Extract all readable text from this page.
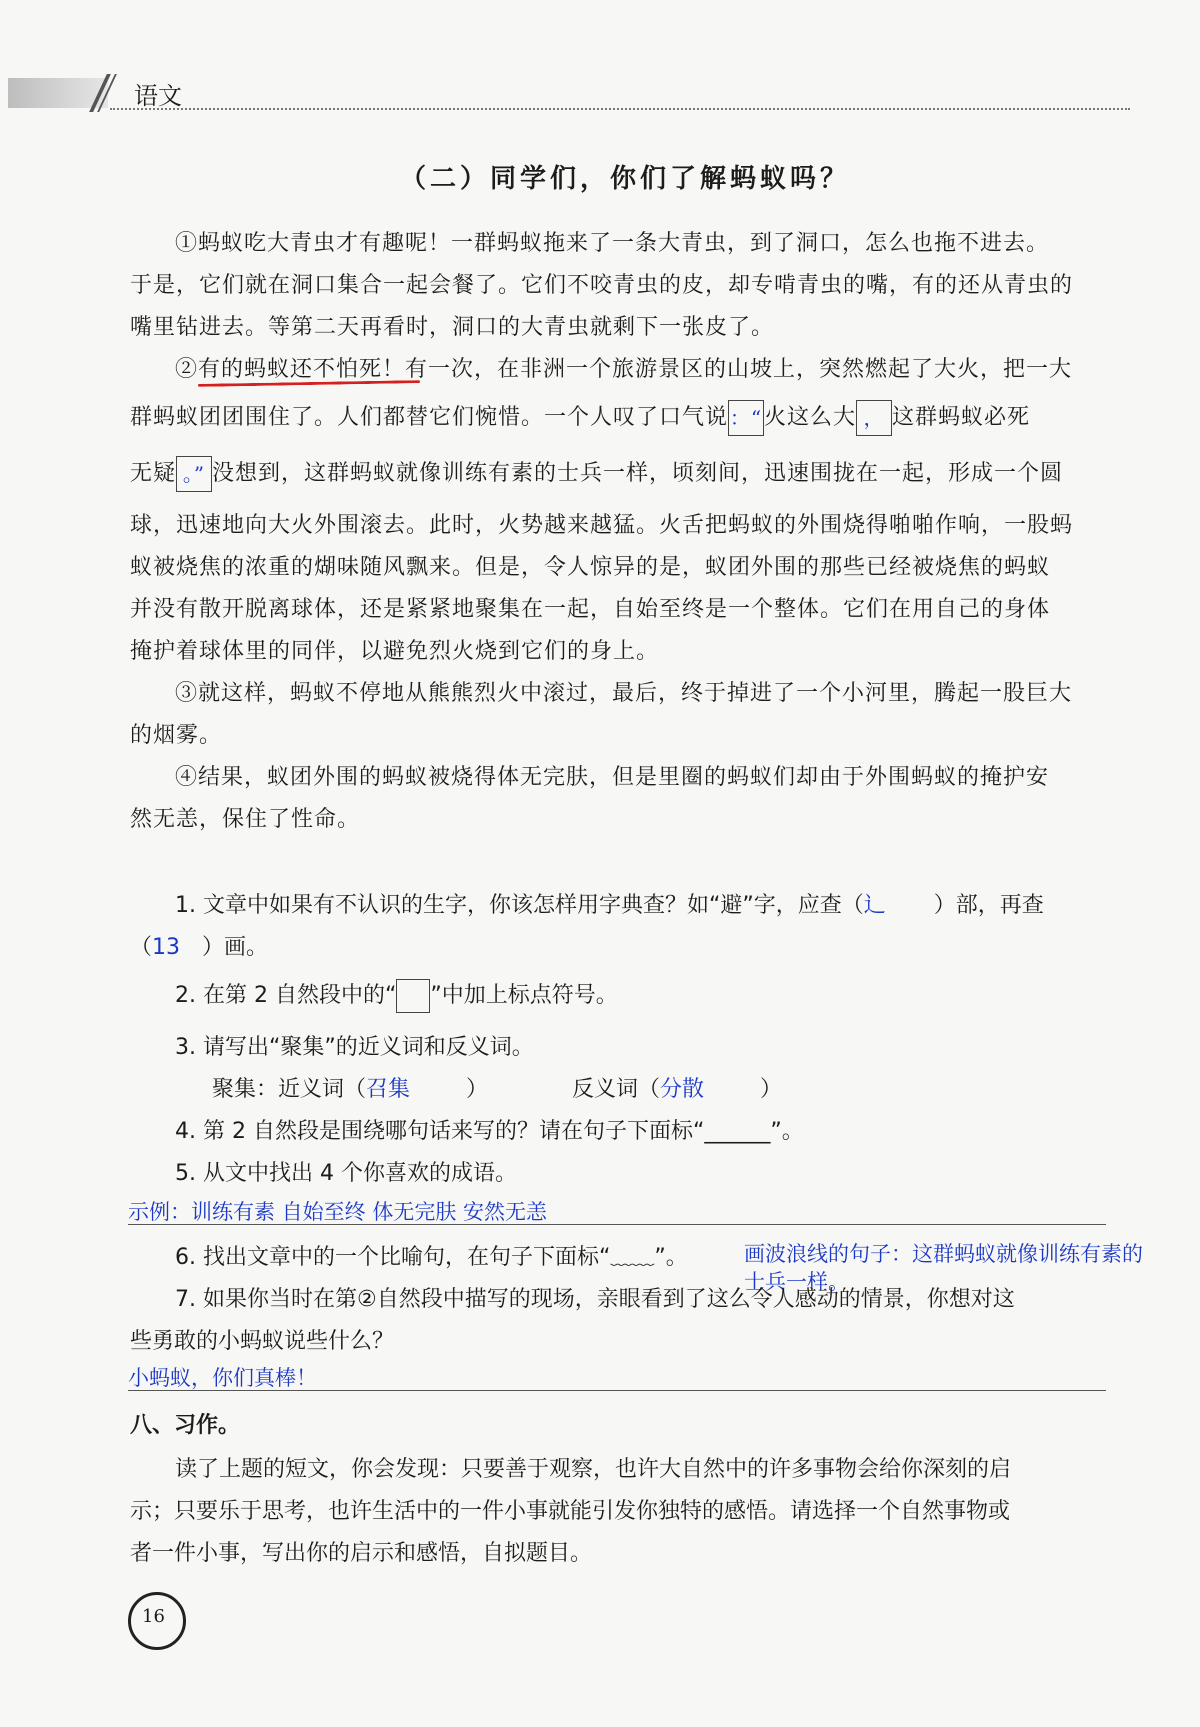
语文
（二）同学们，你们了解蚂蚁吗？
①蚂蚁吃大青虫才有趣呢！一群蚂蚁拖来了一条大青虫，到了洞口，怎么也拖不进去。
于是，它们就在洞口集合一起会餐了。它们不咬青虫的皮，却专啃青虫的嘴，有的还从青虫的
嘴里钻进去。等第二天再看时，洞口的大青虫就剩下一张皮了。
②有的蚂蚁还不怕死！有一次，在非洲一个旅游景区的山坡上，突然燃起了大火，把一大
群蚂蚁团团围住了。人们都替它们惋惜。一个人叹了口气说：“火这么大 ， 这群蚂蚁必死
无疑 。” 没想到，这群蚂蚁就像训练有素的士兵一样，顷刻间，迅速围拢在一起，形成一个圆
球，迅速地向大火外围滚去。此时，火势越来越猛。火舌把蚂蚁的外围烧得啪啪作响，一股蚂
蚁被烧焦的浓重的煳味随风飘来。但是，令人惊异的是，蚁团外围的那些已经被烧焦的蚂蚁
并没有散开脱离球体，还是紧紧地聚集在一起，自始至终是一个整体。它们在用自己的身体
掩护着球体里的同伴，以避免烈火烧到它们的身上。
③就这样，蚂蚁不停地从熊熊烈火中滚过，最后，终于掉进了一个小河里，腾起一股巨大
的烟雾。
④结果，蚁团外围的蚂蚁被烧得体无完肤，但是里圈的蚂蚁们却由于外围蚂蚁的掩护安
然无恙，保住了性命。
1. 文章中如果有不认识的生字，你该怎样用字典查？如“避”字，应查（辶 ）部，再查
（13 ）画。
2. 在第 2 自然段中的“ ”中加上标点符号。
3. 请写出“聚集”的近义词和反义词。
聚集：近义词（召集	）	反义词（分散	）
4. 第 2 自然段是围绕哪句话来写的？请在句子下面标“______”。
5. 从文中找出 4 个你喜欢的成语。
示例：训练有素 自始至终 体无完肤 安然无恙
6. 找出文章中的一个比喻句，在句子下面标“﹏﹏”。	画波浪线的句子：这群蚂蚁就像训练有素的
士兵一样。
7. 如果你当时在第②自然段中描写的现场，亲眼看到了这么令人感动的情景，你想对这
些勇敢的小蚂蚁说些什么？
小蚂蚁，你们真棒！
八、习作。
读了上题的短文，你会发现：只要善于观察，也许大自然中的许多事物会给你深刻的启
示；只要乐于思考，也许生活中的一件小事就能引发你独特的感悟。请选择一个自然事物或
者一件小事，写出你的启示和感悟，自拟题目。
16
